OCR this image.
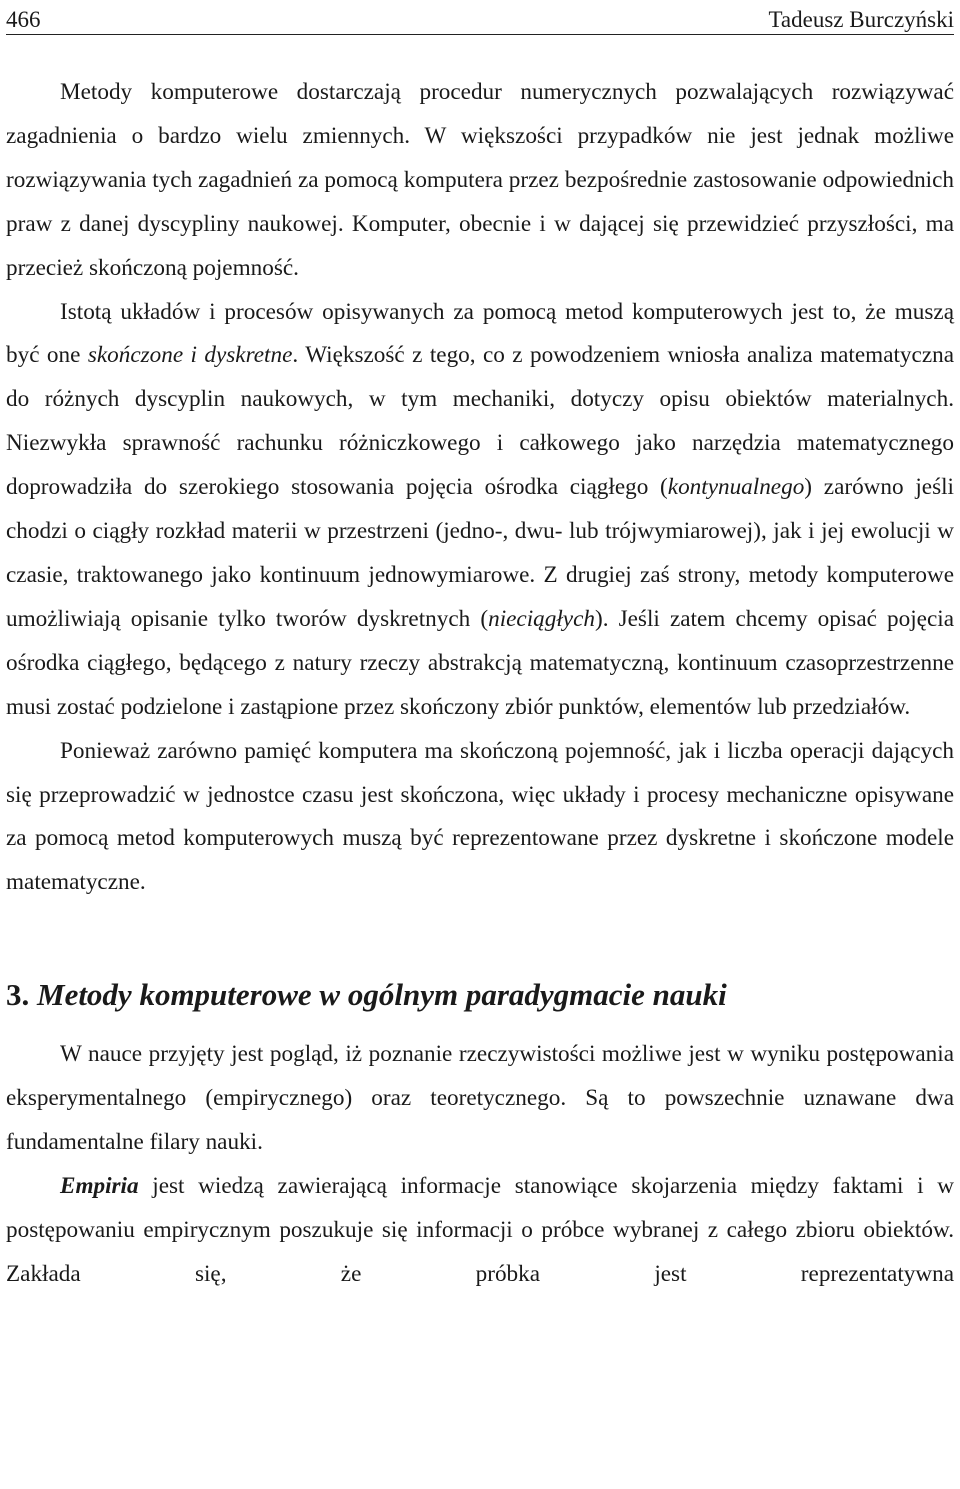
466	Tadeusz Burczyński

Metody komputerowe dostarczają procedur numerycznych pozwalających rozwiązywać zagadnienia o bardzo wielu zmiennych. W większości przypadków nie jest jednak możliwe rozwiązywania tych zagadnień za pomocą komputera przez bezpośrednie zastosowanie odpowiednich praw z danej dyscypliny naukowej. Komputer, obecnie i w dającej się przewidzieć przyszłości, ma przecież skończoną pojemność.

Istotą układów i procesów opisywanych za pomocą metod komputerowych jest to, że muszą być one skończone i dyskretne. Większość z tego, co z powodzeniem wniosła analiza matematyczna do różnych dyscyplin naukowych, w tym mechaniki, dotyczy opisu obiektów materialnych. Niezwykła sprawność rachunku różniczkowego i całkowego jako narzędzia matematycznego doprowadziła do szerokiego stosowania pojęcia ośrodka ciągłego (kontynualnego) zarówno jeśli chodzi o ciągły rozkład materii w przestrzeni (jedno-, dwu- lub trójwymiarowej), jak i jej ewolucji w czasie, traktowanego jako kontinuum jednowymiarowe. Z drugiej zaś strony, metody komputerowe umożliwiają opisanie tylko tworów dyskretnych (nieciągłych). Jeśli zatem chcemy opisać pojęcia ośrodka ciągłego, będącego z natury rzeczy abstrakcją matematyczną, kontinuum czasoprzestrzenne musi zostać podzielone i zastąpione przez skończony zbiór punktów, elementów lub przedziałów.

Ponieważ zarówno pamięć komputera ma skończoną pojemność, jak i liczba operacji dających się przeprowadzić w jednostce czasu jest skończona, więc układy i procesy mechaniczne opisywane za pomocą metod komputerowych muszą być reprezentowane przez dyskretne i skończone modele matematyczne.

3. Metody komputerowe w ogólnym paradygmacie nauki

W nauce przyjęty jest pogląd, iż poznanie rzeczywistości możliwe jest w wyniku postępowania eksperymentalnego (empirycznego) oraz teoretycznego. Są to powszechnie uznawane dwa fundamentalne filary nauki.

Empiria jest wiedzą zawierającą informacje stanowiące skojarzenia między faktami i w postępowaniu empirycznym poszukuje się informacji o próbce wybranej z całego zbioru obiektów. Zakłada się, że próbka jest reprezentatywna
